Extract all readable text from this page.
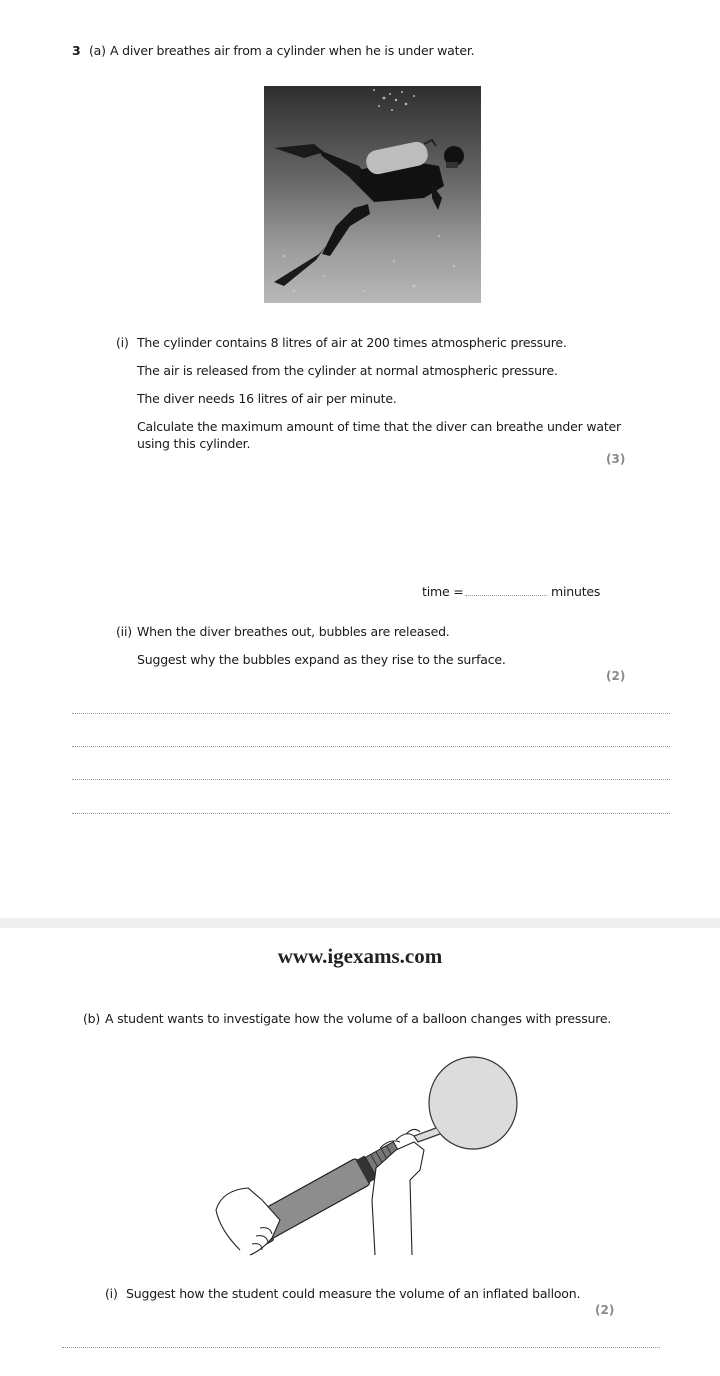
3 (a) A diver breathes air from a cylinder when he is under water.
(i) The cylinder contains 8 litres of air at 200 times atmospheric pressure.
The air is released from the cylinder at normal atmospheric pressure.
The diver needs 16 litres of air per minute.
Calculate the maximum amount of time that the diver can breathe under water
using this cylinder.
(3)
time =	minutes
(ii) When the diver breathes out, bubbles are released.
Suggest why the bubbles expand as they rise to the surface.
(2)
www.igexams.com
(b) A student wants to investigate how the volume of a balloon changes with pressure.
(i) Suggest how the student could measure the volume of an inflated balloon.
(2)
